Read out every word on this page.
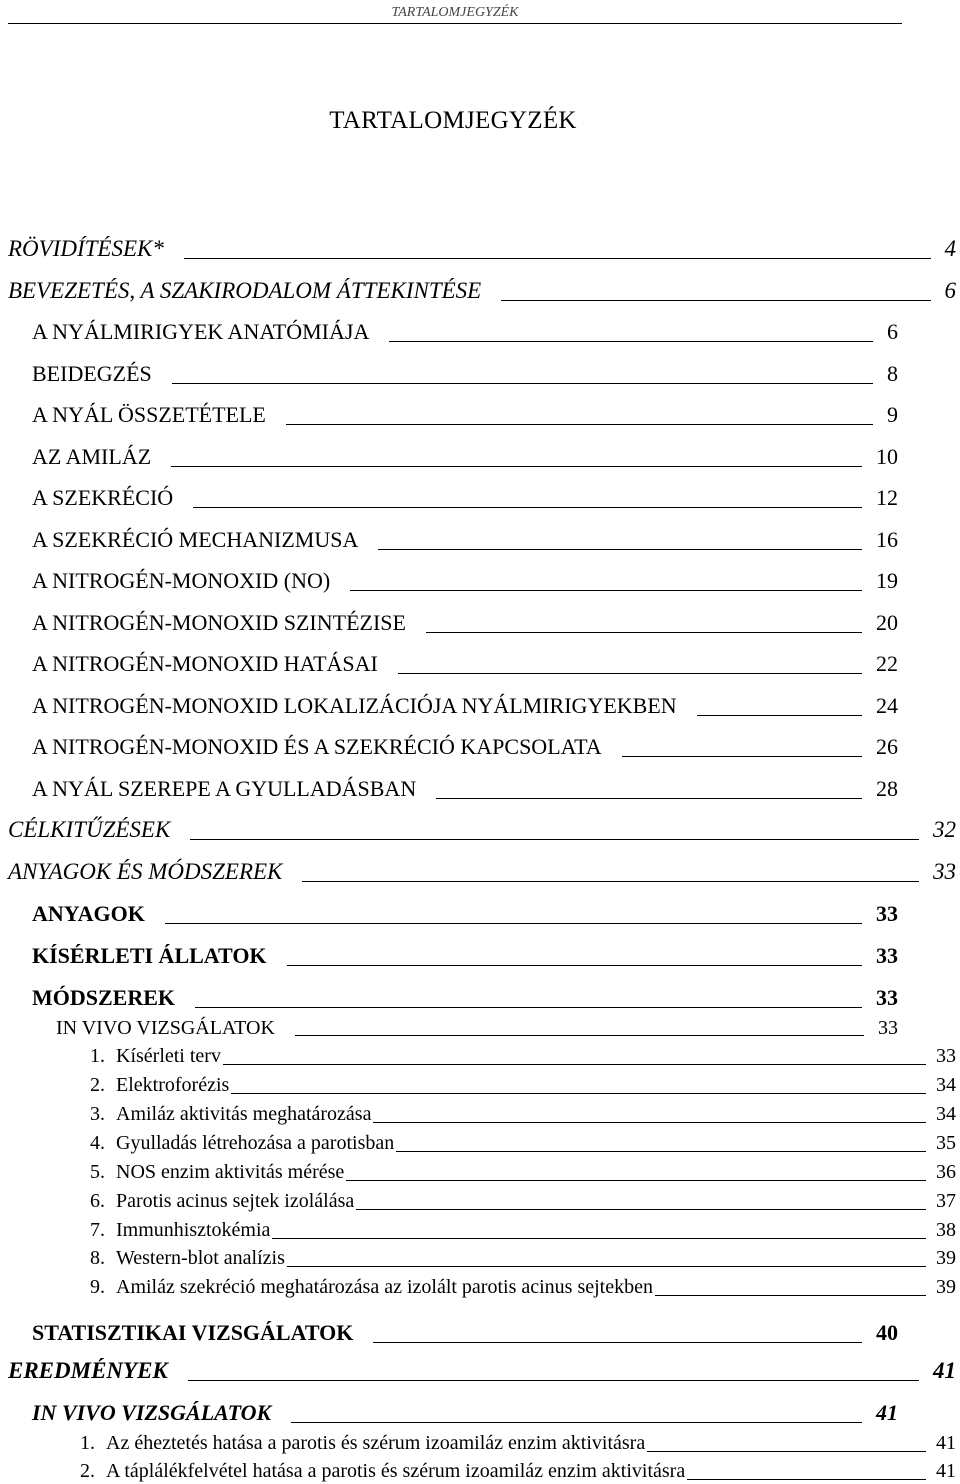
TARTALOMJEGYZÉK
TARTALOMJEGYZÉK
RÖVIDÍTÉSEK*	4
BEVEZETÉS, A SZAKIRODALOM ÁTTEKINTÉSE	6
A NYÁLMIRIGYEK ANATÓMIÁJA	6
BEIDEGZÉS	8
A NYÁL ÖSSZETÉTELE	9
AZ AMILÁZ	10
A SZEKRÉCIÓ	12
A SZEKRÉCIÓ MECHANIZMUSA	16
A NITROGÉN-MONOXID (NO)	19
A NITROGÉN-MONOXID SZINTÉZISE	20
A NITROGÉN-MONOXID HATÁSAI	22
A NITROGÉN-MONOXID LOKALIZÁCIÓJA NYÁLMIRIGYEKBEN	24
A NITROGÉN-MONOXID ÉS A SZEKRÉCIÓ KAPCSOLATA	26
A NYÁL SZEREPE A GYULLADÁSBAN	28
CÉLKITŰZÉSEK	32
ANYAGOK ÉS MÓDSZEREK	33
ANYAGOK	33
KÍSÉRLETI ÁLLATOK	33
MÓDSZEREK	33
IN VIVO VIZSGÁLATOK	33
1. Kísérleti terv	33
2. Elektroforézis	34
3. Amiláz aktivitás meghatározása	34
4. Gyulladás létrehozása a parotisban	35
5. NOS enzim aktivitás mérése	36
6. Parotis acinus sejtek izolálása	37
7. Immunhisztokémia	38
8. Western-blot analízis	39
9. Amiláz szekréció meghatározása az izolált parotis acinus sejtekben	39
STATISZTIKAI VIZSGÁLATOK	40
EREDMÉNYEK	41
IN VIVO VIZSGÁLATOK	41
1. Az éheztetés hatása a parotis és szérum izoamiláz enzim aktivitásra	41
2. A táplálékfelvétel hatása a parotis és szérum izoamiláz enzim aktivitásra	41
